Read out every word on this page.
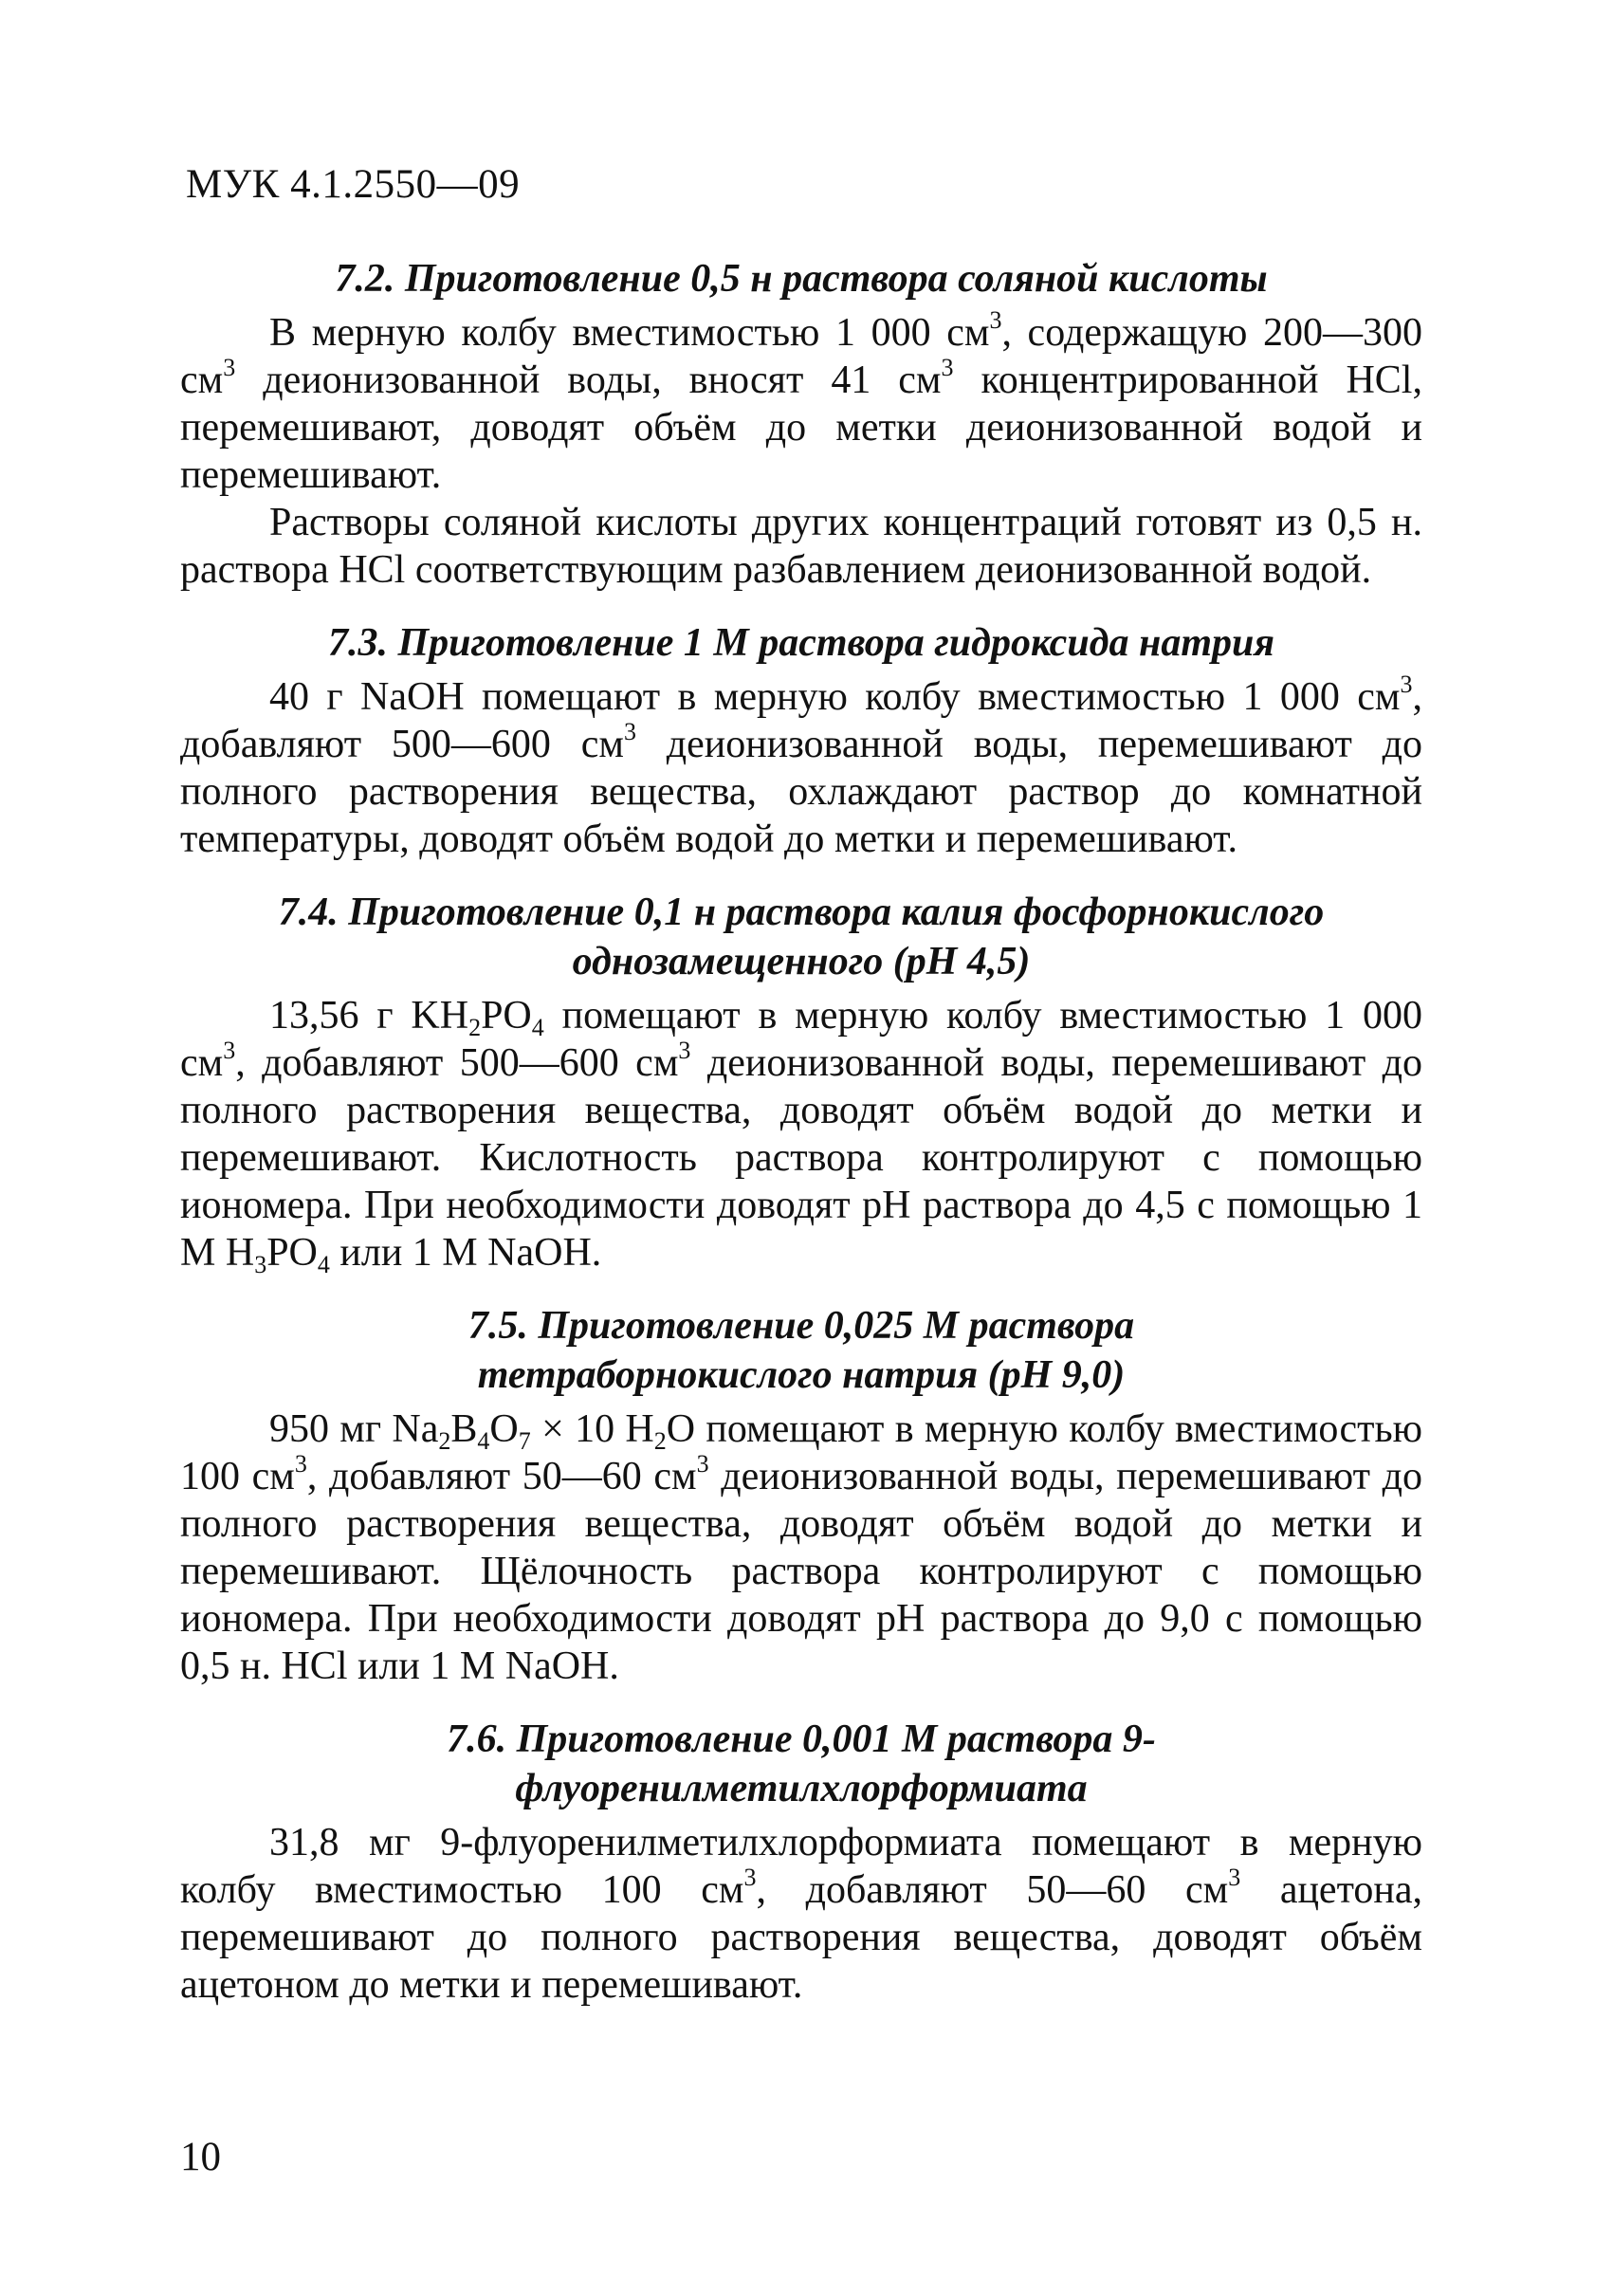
МУК 4.1.2550—09
7.2. Приготовление 0,5 н раствора соляной кислоты

В мерную колбу вместимостью 1 000 $см^3$, содержащую 200—300 $см^3$ деионизованной воды, вносят 41 $см^3$ концентрированной HCl, перемешивают, доводят объём до метки деионизованной водой и перемешивают.

Растворы соляной кислоты других концентраций готовят из 0,5 н. раствора HCl соответствующим разбавлением деионизованной водой.

7.3. Приготовление 1 М раствора гидроксида натрия

40 г NaOH помещают в мерную колбу вместимостью 1 000 $см^3$, добавляют 500—600 $см^3$ деионизованной воды, перемешивают до полного растворения вещества, охлаждают раствор до комнатной температуры, доводят объём водой до метки и перемешивают.

7.4. Приготовление 0,1 н раствора калия фосфорнокислого
однозамещенного (рН 4,5)

13,56 г $KH_2PO_4$ помещают в мерную колбу вместимостью 1 000 $см^3$, добавляют 500—600 $см^3$ деионизованной воды, перемешивают до полного растворения вещества, доводят объём водой до метки и перемешивают. Кислотность раствора контролируют с помощью иономера. При необходимости доводят pH раствора до 4,5 с помощью 1 М $H_3PO_4$ или 1 М NaOH.

7.5. Приготовление 0,025 М раствора
тетраборнокислого натрия (рН 9,0)

950 мг $Na_2B_4O_7 \times 10$ $H_2O$ помещают в мерную колбу вместимостью 100 $см^3$, добавляют 50—60 $см^3$ деионизованной воды, перемешивают до полного растворения вещества, доводят объём водой до метки и перемешивают. Щёлочность раствора контролируют с помощью иономера. При необходимости доводят pH раствора до 9,0 с помощью 0,5 н. HCl или 1 М NaOH.

7.6. Приготовление 0,001 М раствора 9-
флуоренилметилхлорформиата

31,8 мг 9-флуоренилметилхлорформиата помещают в мерную колбу вместимостью 100 $см^3$, добавляют 50—60 $см^3$ ацетона, перемешивают до полного растворения вещества, доводят объём ацетоном до метки и перемешивают.

10
